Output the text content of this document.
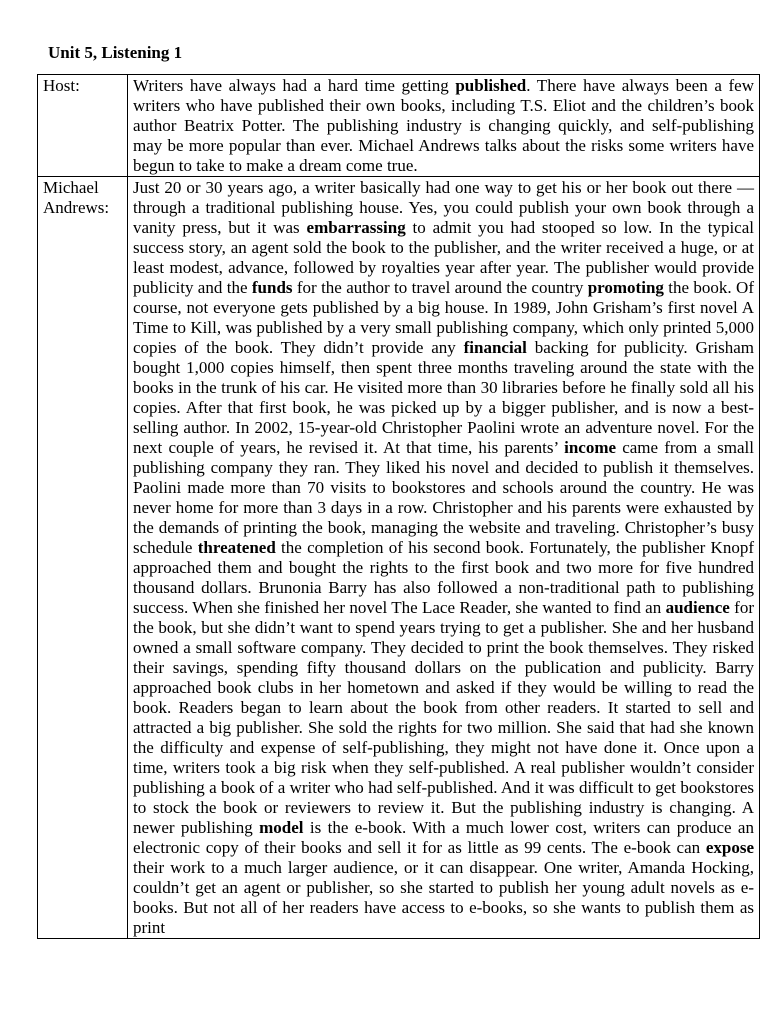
Unit 5, Listening 1
Host:	Writers have always had a hard time getting published. There have always been a few writers who have published their own books, including T.S. Eliot and the children’s book author Beatrix Potter. The publishing industry is changing quickly, and self-publishing may be more popular than ever. Michael Andrews talks about the risks some writers have begun to take to make a dream come true.
Michael Andrews:	Just 20 or 30 years ago, a writer basically had one way to get his or her book out there — through a traditional publishing house. Yes, you could publish your own book through a vanity press, but it was embarrassing to admit you had stooped so low. In the typical success story, an agent sold the book to the publisher, and the writer received a huge, or at least modest, advance, followed by royalties year after year. The publisher would provide publicity and the funds for the author to travel around the country promoting the book. Of course, not everyone gets published by a big house. In 1989, John Grisham’s first novel A Time to Kill, was published by a very small publishing company, which only printed 5,000 copies of the book. They didn’t provide any financial backing for publicity. Grisham bought 1,000 copies himself, then spent three months traveling around the state with the books in the trunk of his car. He visited more than 30 libraries before he finally sold all his copies. After that first book, he was picked up by a bigger publisher, and is now a best-selling author. In 2002, 15-year-old Christopher Paolini wrote an adventure novel. For the next couple of years, he revised it. At that time, his parents’ income came from a small publishing company they ran. They liked his novel and decided to publish it themselves. Paolini made more than 70 visits to bookstores and schools around the country. He was never home for more than 3 days in a row. Christopher and his parents were exhausted by the demands of printing the book, managing the website and traveling. Christopher’s busy schedule threatened the completion of his second book. Fortunately, the publisher Knopf approached them and bought the rights to the first book and two more for five hundred thousand dollars. Brunonia Barry has also followed a non-traditional path to publishing success. When she finished her novel The Lace Reader, she wanted to find an audience for the book, but she didn’t want to spend years trying to get a publisher. She and her husband owned a small software company. They decided to print the book themselves. They risked their savings, spending fifty thousand dollars on the publication and publicity. Barry approached book clubs in her hometown and asked if they would be willing to read the book. Readers began to learn about the book from other readers. It started to sell and attracted a big publisher. She sold the rights for two million. She said that had she known the difficulty and expense of self-publishing, they might not have done it. Once upon a time, writers took a big risk when they self-published. A real publisher wouldn’t consider publishing a book of a writer who had self-published. And it was difficult to get bookstores to stock the book or reviewers to review it. But the publishing industry is changing. A newer publishing model is the e-book. With a much lower cost, writers can produce an electronic copy of their books and sell it for as little as 99 cents. The e-book can expose their work to a much larger audience, or it can disappear. One writer, Amanda Hocking, couldn’t get an agent or publisher, so she started to publish her young adult novels as e-books. But not all of her readers have access to e-books, so she wants to publish them as print
